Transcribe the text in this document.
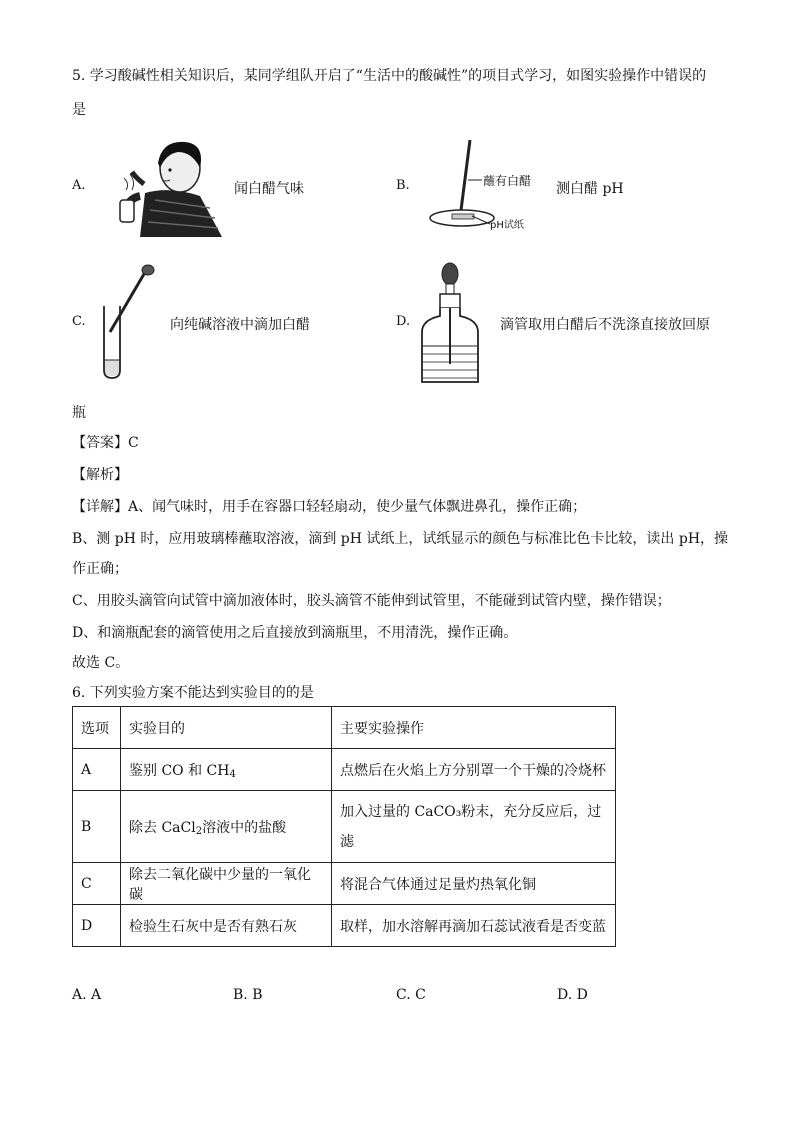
5. 学习酸碱性相关知识后，某同学组队开启了“生活中的酸碱性”的项目式学习，如图实验操作中错误的
是
A.	闻白醋气味	B.	蘸有白醋
pH试纸
测白醋 pH
C.	向纯碱溶液中滴加白醋	D.	滴管取用白醋后不洗涤直接放回原
瓶
【答案】C
【解析】
【详解】A、闻气味时，用手在容器口轻轻扇动，使少量气体飘进鼻孔，操作正确；
B、测 pH 时，应用玻璃棒蘸取溶液，滴到 pH 试纸上，试纸显示的颜色与标准比色卡比较，读出 pH，操
作正确；
C、用胶头滴管向试管中滴加液体时，胶头滴管不能伸到试管里，不能碰到试管内壁，操作错误；
D、和滴瓶配套的滴管使用之后直接放到滴瓶里，不用清洗，操作正确。
故选 C。
6. 下列实验方案不能达到实验目的的是
选项	实验目的	主要实验操作
A	鉴别 CO 和 $CH_4$	点燃后在火焰上方分别罩一个干燥的冷烧杯
B	除去 CaCl$_2$溶液中的盐酸	加入过量的 CaCO₃粉末，充分反应后，过
滤
C	除去二氧化碳中少量的一氧化碳	将混合气体通过足量灼热氧化铜
D	检验生石灰中是否有熟石灰	取样，加水溶解再滴加石蕊试液看是否变蓝
A. A	B. B	C. C	D. D
